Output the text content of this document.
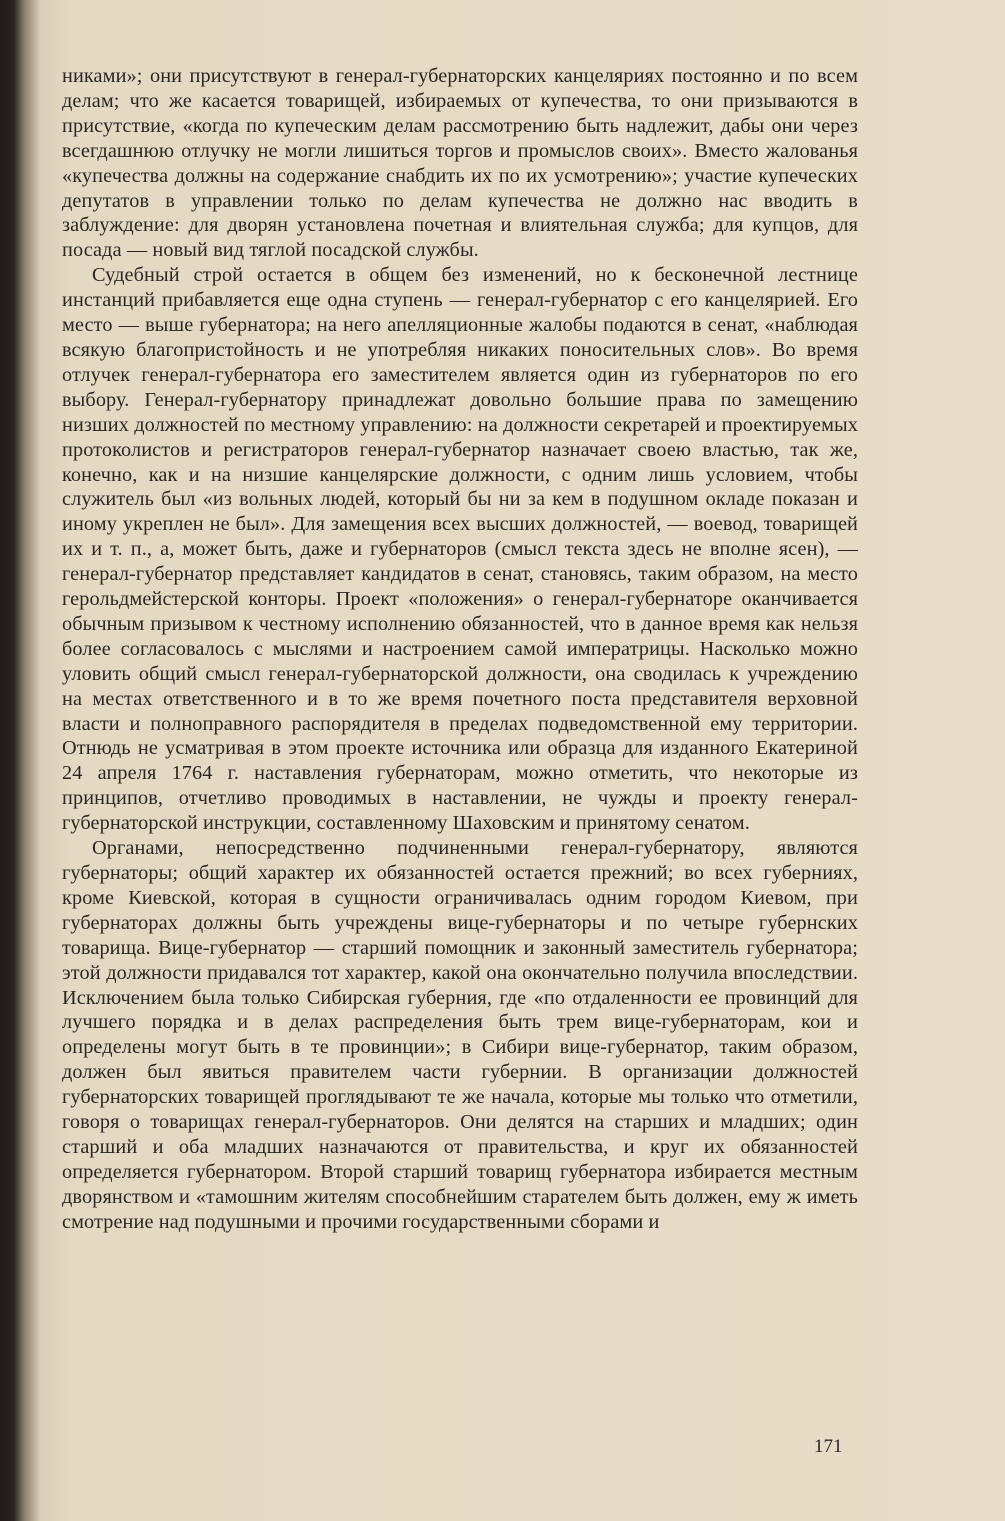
никами»; они присутствуют в генерал-губернаторских канцеляриях постоянно и по всем делам; что же касается товарищей, избираемых от купечества, то они призываются в присутствие, «когда по купеческим делам рассмотрению быть надлежит, дабы они через всегдашнюю отлучку не могли лишиться торгов и промыслов своих». Вместо жалованья «купечества должны на содержание снабдить их по их усмотрению»; участие купеческих депутатов в управлении только по делам купечества не должно нас вводить в заблуждение: для дворян установлена почетная и влиятельная служба; для купцов, для посада — новый вид тяглой посадской службы.

Судебный строй остается в общем без изменений, но к бесконечной лестнице инстанций прибавляется еще одна ступень — генерал-губернатор с его канцелярией. Его место — выше губернатора; на него апелляционные жалобы подаются в сенат, «наблюдая всякую благопристойность и не употребляя никаких поносительных слов». Во время отлучек генерал-губернатора его заместителем является один из губернаторов по его выбору. Генерал-губернатору принадлежат довольно большие права по замещению низших должностей по местному управлению: на должности секретарей и проектируемых протоколистов и регистраторов генерал-губернатор назначает своею властью, так же, конечно, как и на низшие канцелярские должности, с одним лишь условием, чтобы служитель был «из вольных людей, который бы ни за кем в подушном окладе показан и иному укреплен не был». Для замещения всех высших должностей, — воевод, товарищей их и т. п., а, может быть, даже и губернаторов (смысл текста здесь не вполне ясен), — генерал-губернатор представляет кандидатов в сенат, становясь, таким образом, на место герольдмейстерской конторы. Проект «положения» о генерал-губернаторе оканчивается обычным призывом к честному исполнению обязанностей, что в данное время как нельзя более согласовалось с мыслями и настроением самой императрицы. Насколько можно уловить общий смысл генерал-губернаторской должности, она сводилась к учреждению на местах ответственного и в то же время почетного поста представителя верховной власти и полноправного распорядителя в пределах подведомственной ему территории. Отнюдь не усматривая в этом проекте источника или образца для изданного Екатериной 24 апреля 1764 г. наставления губернаторам, можно отметить, что некоторые из принципов, отчетливо проводимых в наставлении, не чужды и проекту генерал-губернаторской инструкции, составленному Шаховским и принятому сенатом.

Органами, непосредственно подчиненными генерал-губернатору, являются губернаторы; общий характер их обязанностей остается прежний; во всех губерниях, кроме Киевской, которая в сущности ограничивалась одним городом Киевом, при губернаторах должны быть учреждены вице-губернаторы и по четыре губернских товарища. Вице-губернатор — старший помощник и законный заместитель губернатора; этой должности придавался тот характер, какой она окончательно получила впоследствии. Исключением была только Сибирская губерния, где «по отдаленности ее провинций для лучшего порядка и в делах распределения быть трем вице-губернаторам, кои и определены могут быть в те провинции»; в Сибири вице-губернатор, таким образом, должен был явиться правителем части губернии. В организации должностей губернаторских товарищей проглядывают те же начала, которые мы только что отметили, говоря о товарищах генерал-губернаторов. Они делятся на старших и младших; один старший и оба младших назначаются от правительства, и круг их обязанностей определяется губернатором. Второй старший товарищ губернатора избирается местным дворянством и «тамошним жителям способнейшим старателем быть должен, ему ж иметь смотрение над подушными и прочими государственными сборами и

171
